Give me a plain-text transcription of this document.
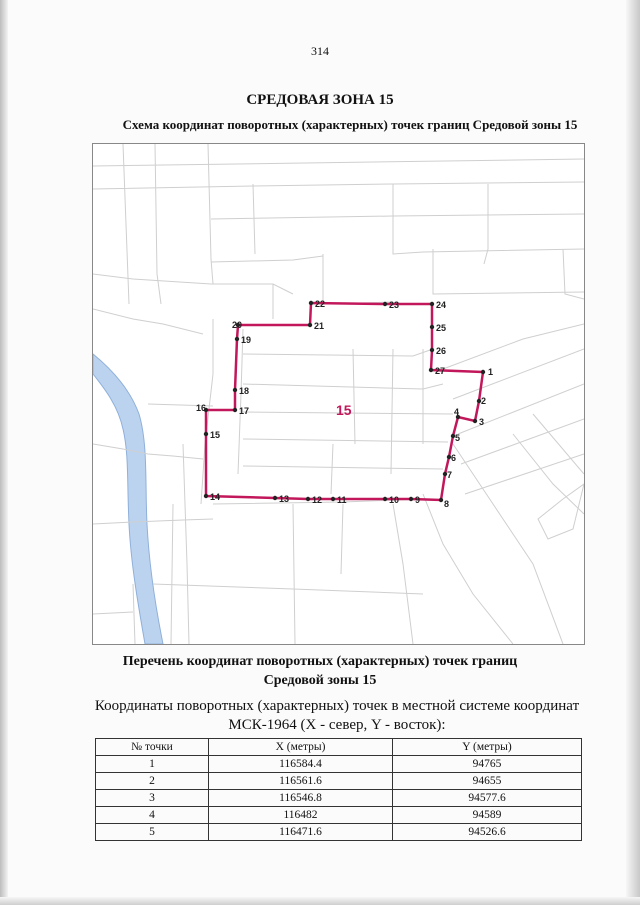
314
СРЕДОВАЯ ЗОНА 15
Схема координат поворотных (характерных) точек границ Средовой зоны 15
1
2
3
4
5
6
7
8
9
10
11
12
13
14
15
16	17
18
19
20	21
22	23	24
25
26
27
15
Перечень координат поворотных (характерных) точек границ
Средовой зоны 15
Координаты поворотных (характерных) точек в местной системе координат
МСК-1964 (X - север, Y - восток):
№ точки	X (метры)	Y (метры)
1	116584.4	94765
2	116561.6	94655
3	116546.8	94577.6
4	116482	94589
5	116471.6	94526.6
